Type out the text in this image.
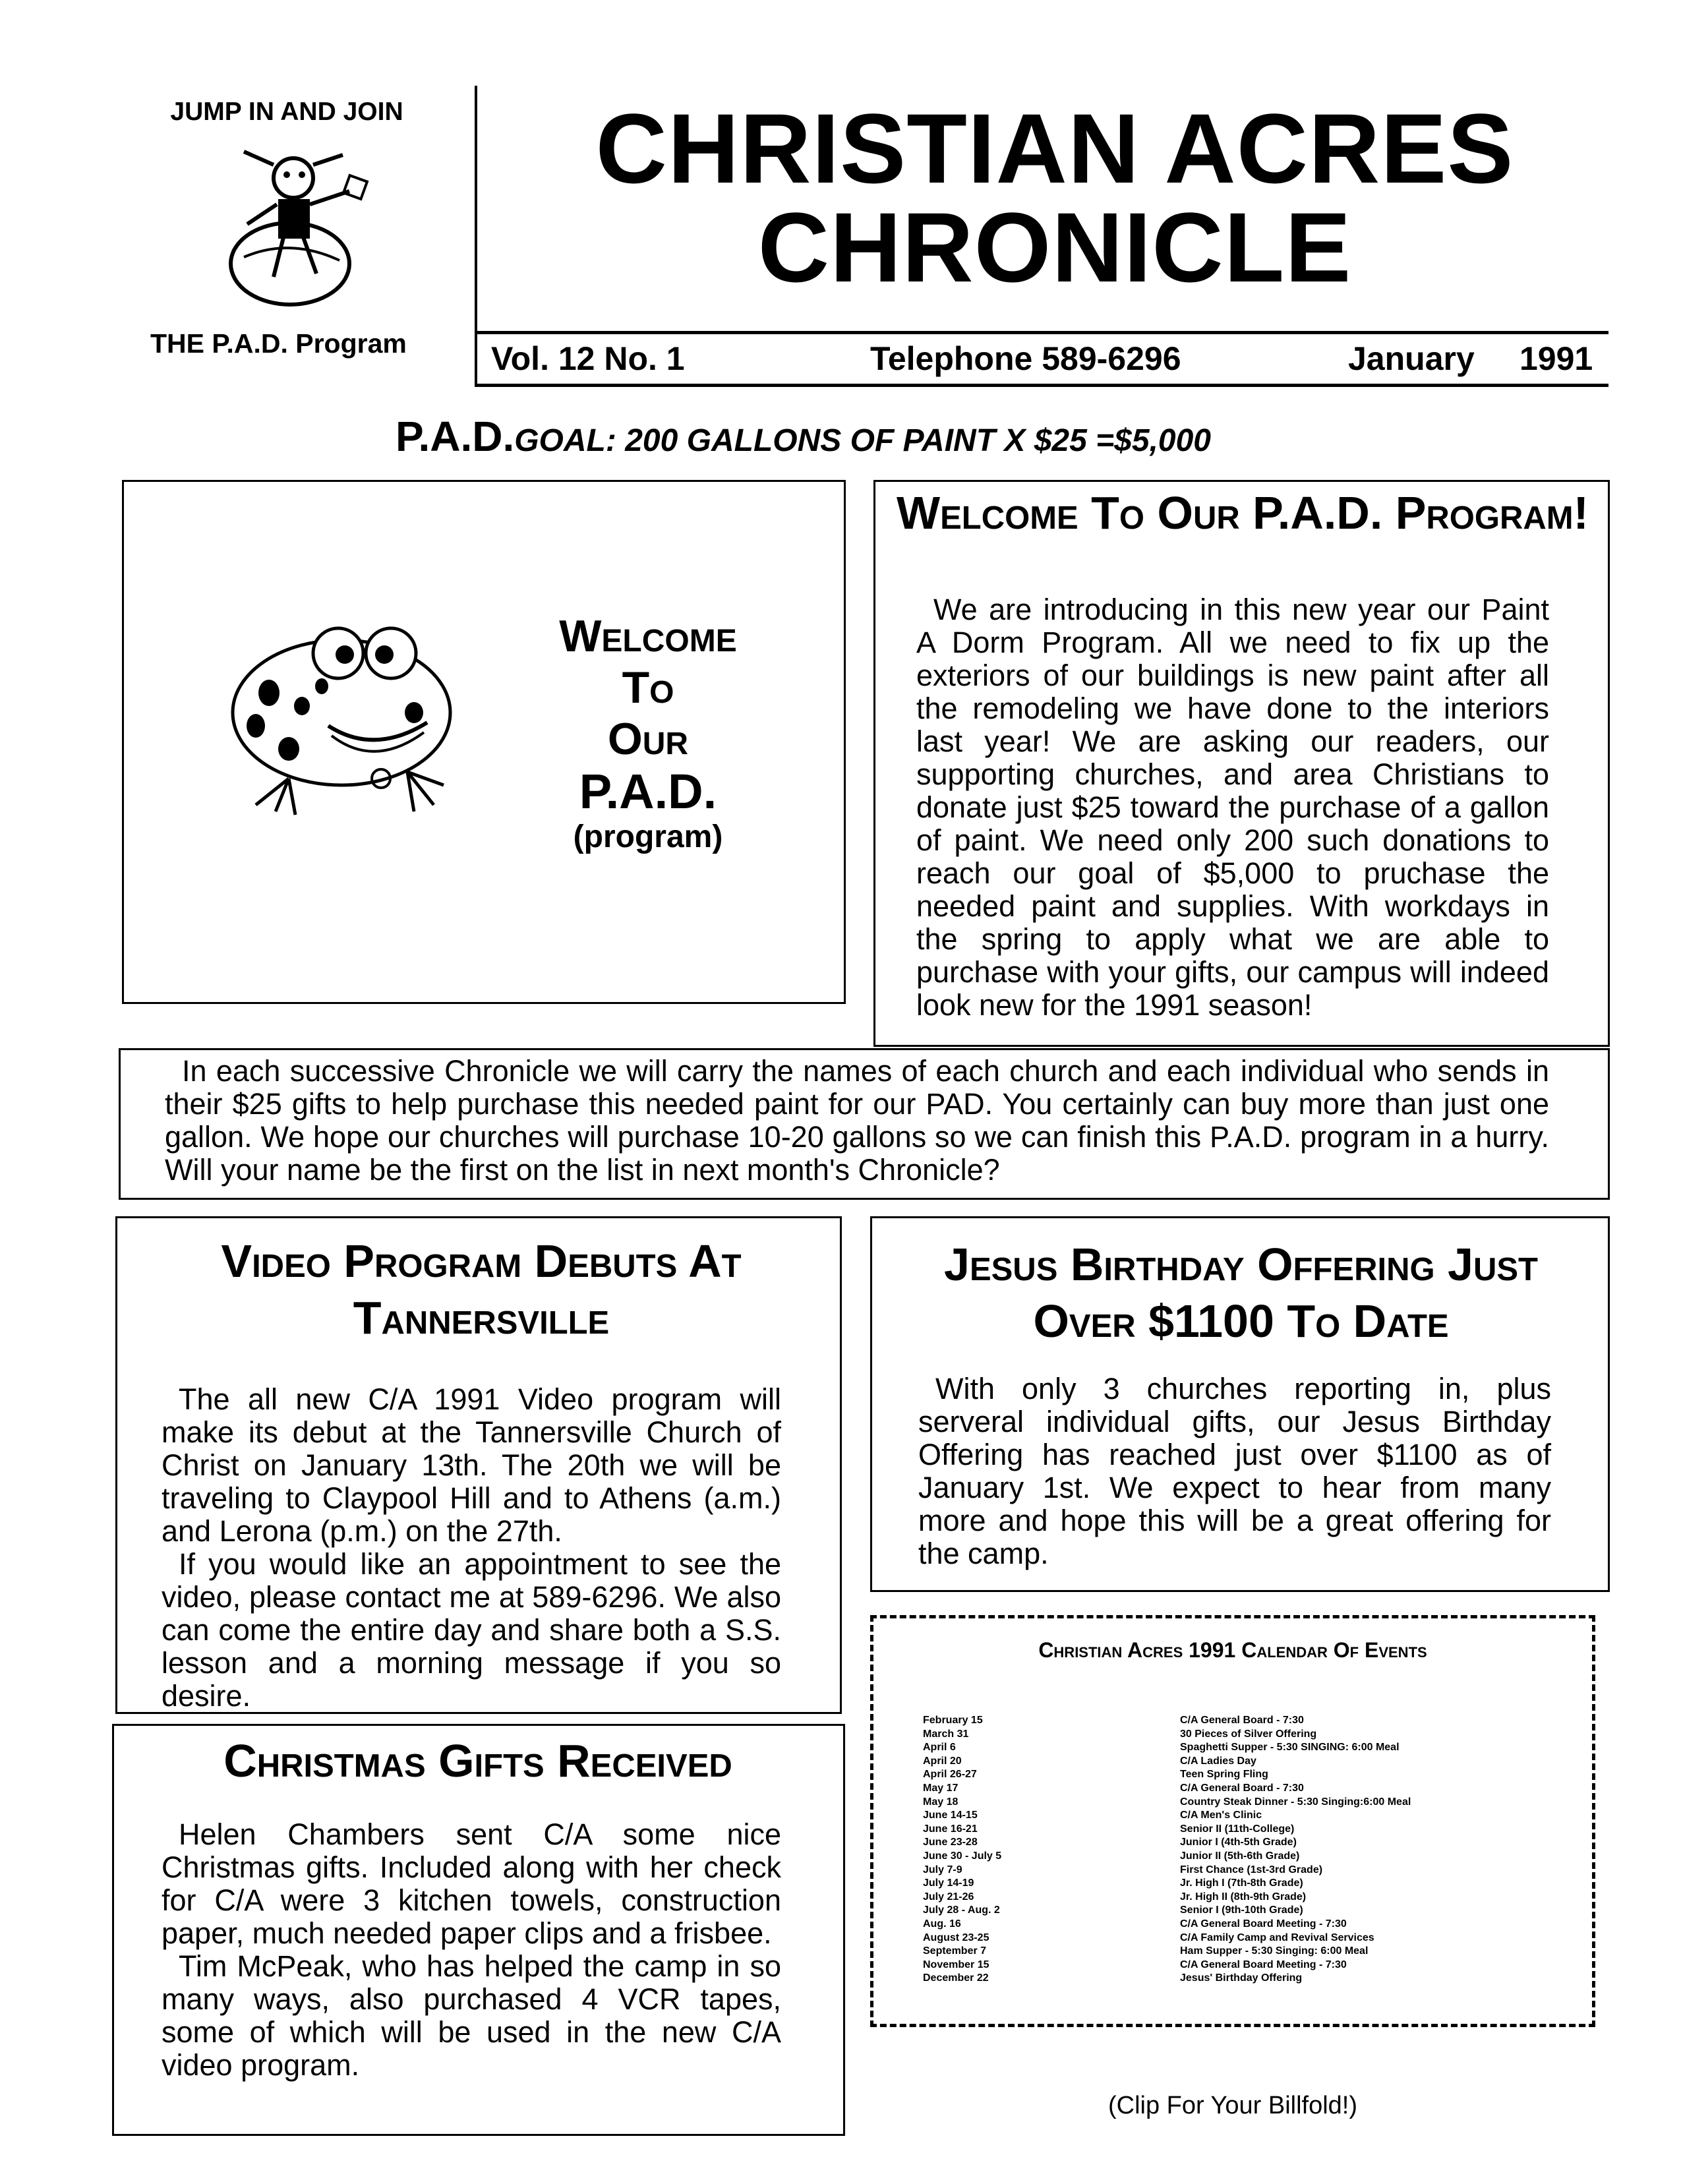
JUMP IN AND JOIN
THE P.A.D. Program
CHRISTIAN ACRES
CHRONICLE
Vol. 12 No. 1	Telephone 589-6296	January 1991
P.A.D.GOAL: 200 GALLONS OF PAINT X $25 =$5,000
Welcome
To
Our
P.A.D.
(program)
Welcome To Our P.A.D. Program!

We are introducing in this new year our Paint A Dorm Program. All we need to fix up the exteriors of our buildings is new paint after all the remodeling we have done to the interiors last year! We are asking our readers, our supporting churches, and area Christians to donate just $25 toward the purchase of a gallon of paint. We need only 200 such donations to reach our goal of $5,000 to pruchase the needed paint and supplies. With workdays in the spring to apply what we are able to purchase with your gifts, our campus will indeed look new for the 1991 season!

In each successive Chronicle we will carry the names of each church and each individual who sends in their $25 gifts to help purchase this needed paint for our PAD. You certainly can buy more than just one gallon. We hope our churches will purchase 10-20 gallons so we can finish this P.A.D. program in a hurry. Will your name be the first on the list in next month's Chronicle?

Video Program Debuts At Tannersville

The all new C/A 1991 Video program will make its debut at the Tannersville Church of Christ on January 13th. The 20th we will be traveling to Claypool Hill and to Athens (a.m.) and Lerona (p.m.) on the 27th.

If you would like an appointment to see the video, please contact me at 589-6296. We also can come the entire day and share both a S.S. lesson and a morning message if you so desire.

Jesus Birthday Offering Just Over $1100 To Date

With only 3 churches reporting in, plus serveral individual gifts, our Jesus Birthday Offering has reached just over $1100 as of January 1st. We expect to hear from many more and hope this will be a great offering for the camp.

Christmas Gifts Received

Helen Chambers sent C/A some nice Christmas gifts. Included along with her check for C/A were 3 kitchen towels, construction paper, much needed paper clips and a frisbee.

Tim McPeak, who has helped the camp in so many ways, also purchased 4 VCR tapes, some of which will be used in the new C/A video program.

Christian Acres 1991 Calendar Of Events
February 15	C/A General Board - 7:30
March 31	30 Pieces of Silver Offering
April 6	Spaghetti Supper - 5:30 SINGING: 6:00 Meal
April 20	C/A Ladies Day
April 26-27	Teen Spring Fling
May 17	C/A General Board - 7:30
May 18	Country Steak Dinner - 5:30 Singing:6:00 Meal
June 14-15	C/A Men's Clinic
June 16-21	Senior II (11th-College)
June 23-28	Junior I (4th-5th Grade)
June 30 - July 5	Junior II (5th-6th Grade)
July 7-9	First Chance (1st-3rd Grade)
July 14-19	Jr. High I (7th-8th Grade)
July 21-26	Jr. High II (8th-9th Grade)
July 28 - Aug. 2	Senior I (9th-10th Grade)
Aug. 16	C/A General Board Meeting - 7:30
August 23-25	C/A Family Camp and Revival Services
September 7	Ham Supper - 5:30 Singing: 6:00 Meal
November 15	C/A General Board Meeting - 7:30
December 22	Jesus' Birthday Offering
(Clip For Your Billfold!)
